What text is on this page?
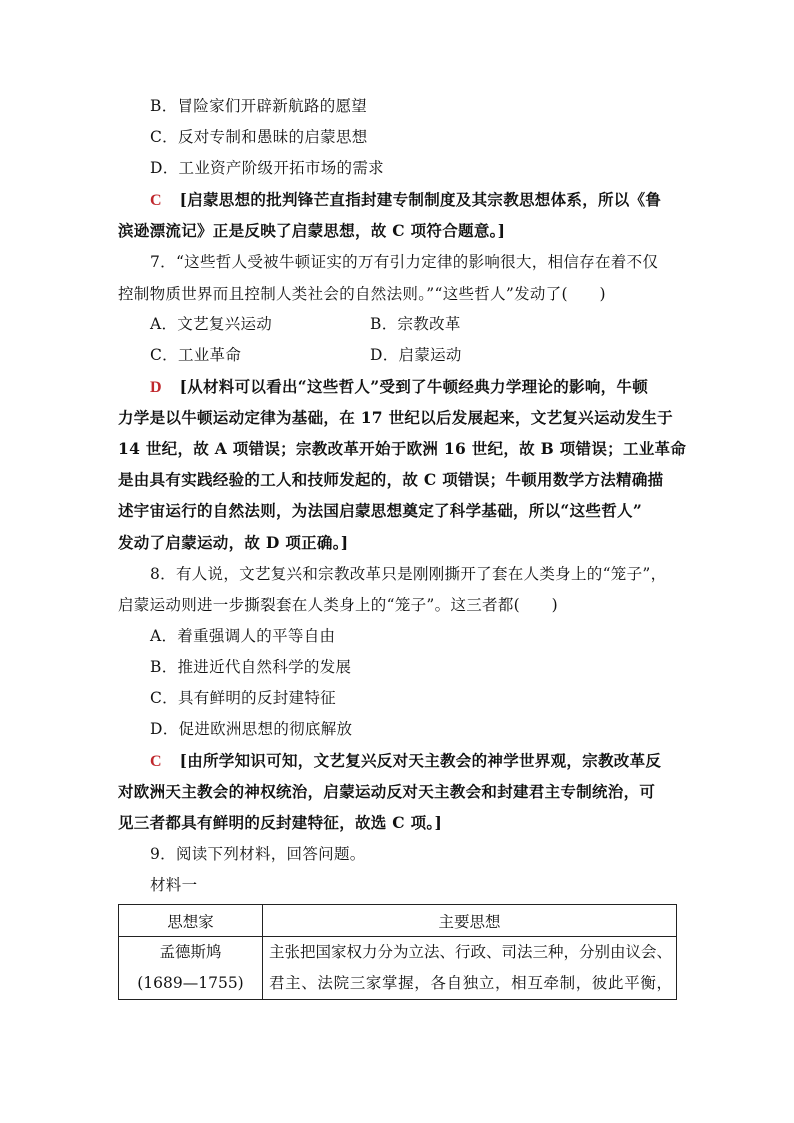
B．冒险家们开辟新航路的愿望
C．反对专制和愚昧的启蒙思想
D．工业资产阶级开拓市场的需求
C [启蒙思想的批判锋芒直指封建专制制度及其宗教思想体系，所以《鲁
滨逊漂流记》正是反映了启蒙思想，故 C 项符合题意。]
7．“这些哲人受被牛顿证实的万有引力定律的影响很大，相信存在着不仅
控制物质世界而且控制人类社会的自然法则。”“这些哲人”发动了(　　)
A．文艺复兴运动	B．宗教改革
C．工业革命	D．启蒙运动
D [从材料可以看出“这些哲人”受到了牛顿经典力学理论的影响，牛顿
力学是以牛顿运动定律为基础，在 17 世纪以后发展起来，文艺复兴运动发生于
14 世纪，故 A 项错误；宗教改革开始于欧洲 16 世纪，故 B 项错误；工业革命
是由具有实践经验的工人和技师发起的，故 C 项错误；牛顿用数学方法精确描
述宇宙运行的自然法则，为法国启蒙思想奠定了科学基础，所以“这些哲人”
发动了启蒙运动，故 D 项正确。]
8．有人说，文艺复兴和宗教改革只是刚刚撕开了套在人类身上的“笼子”，
启蒙运动则进一步撕裂套在人类身上的“笼子”。这三者都(　　)
A．着重强调人的平等自由
B．推进近代自然科学的发展
C．具有鲜明的反封建特征
D．促进欧洲思想的彻底解放
C [由所学知识可知，文艺复兴反对天主教会的神学世界观，宗教改革反
对欧洲天主教会的神权统治，启蒙运动反对天主教会和封建君主专制统治，可
见三者都具有鲜明的反封建特征，故选 C 项。]
9．阅读下列材料，回答问题。
材料一
思想家	主要思想

孟德斯鸠
(1689—1755)	主张把国家权力分为立法、行政、司法三种，分别由议会、
君主、法院三家掌握，各自独立，相互牵制，彼此平衡，
